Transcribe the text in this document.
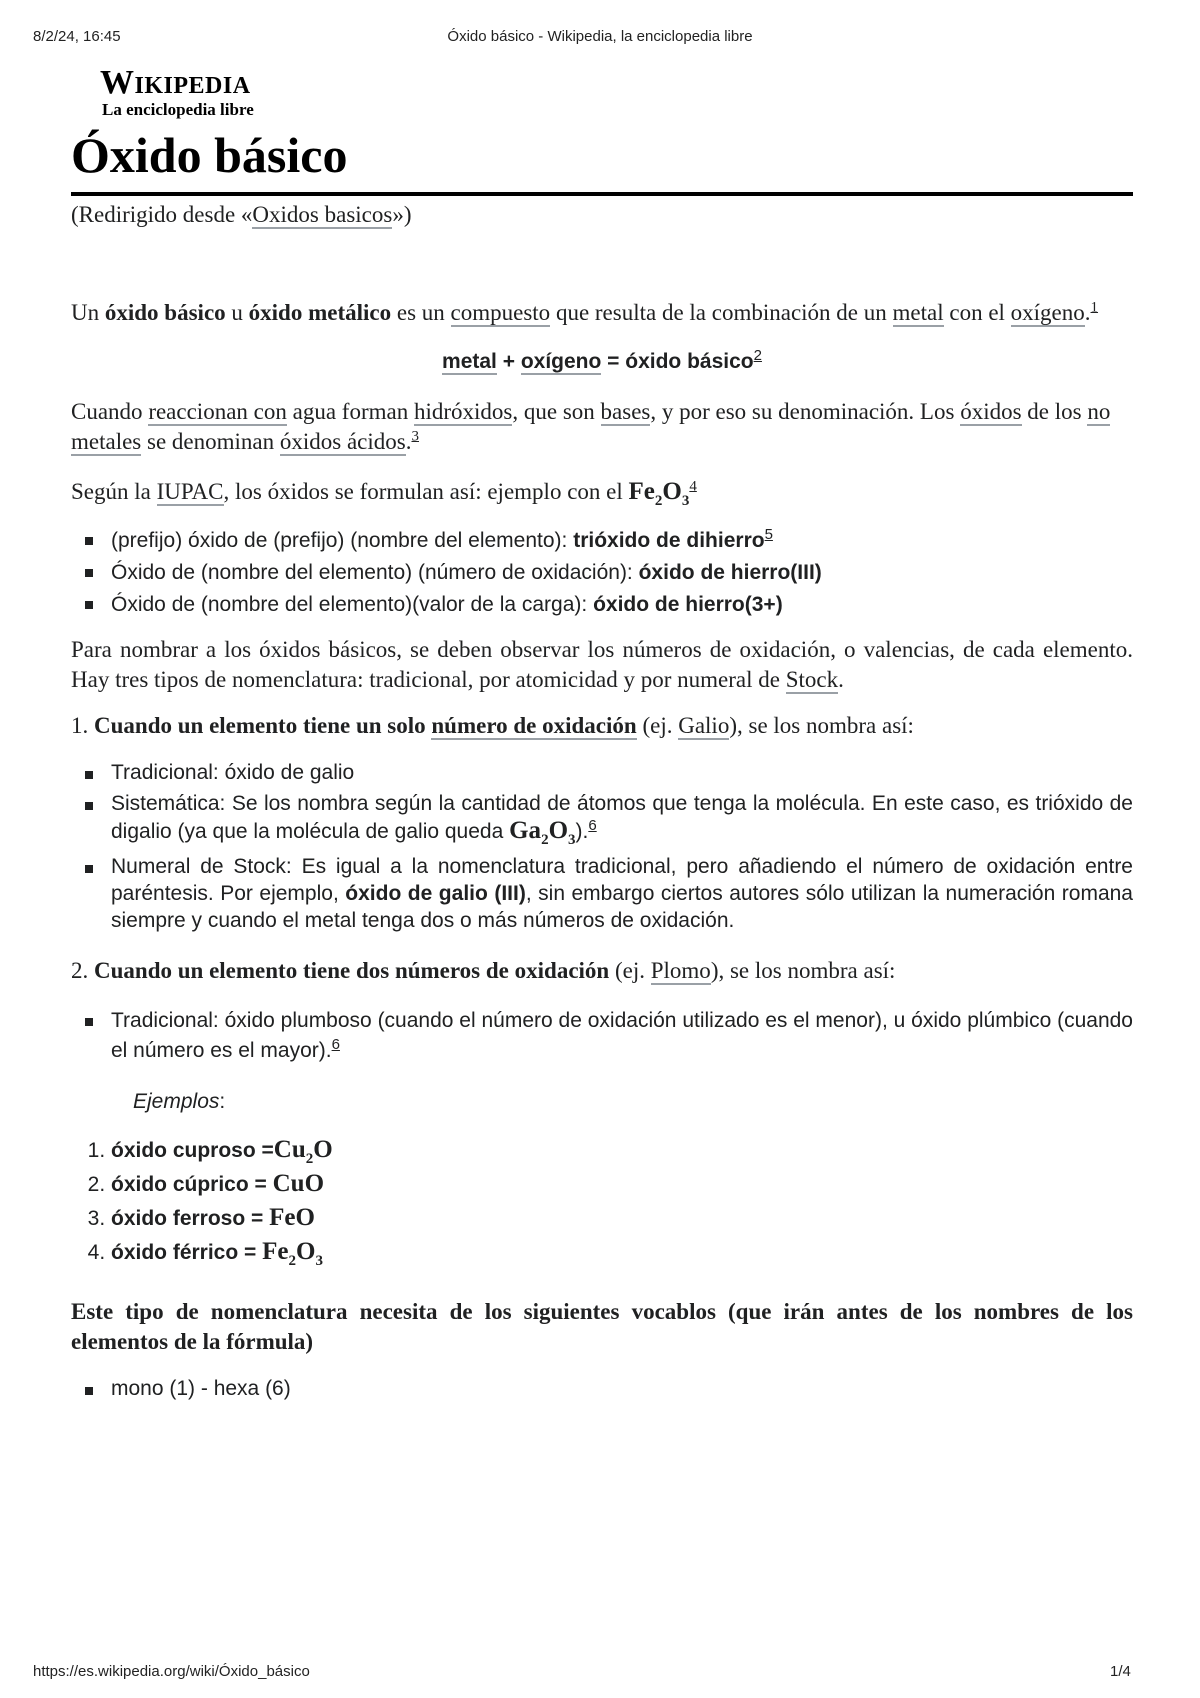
8/2/24, 16:45	Óxido básico - Wikipedia, la enciclopedia libre
Wikipedia
La enciclopedia libre
Óxido básico

(Redirigido desde «Oxidos basicos»)

Un óxido básico u óxido metálico es un compuesto que resulta de la combinación de un metal con el oxígeno.$^1$

metal + oxígeno = óxido básico$^2$

Cuando reaccionan con agua forman hidróxidos, que son bases, y por eso su denominación. Los óxidos de los no metales se denominan óxidos ácidos.$^3$

Según la IUPAC, los óxidos se formulan así: ejemplo con el $Fe_2O_3^4$

(prefijo) óxido de (prefijo) (nombre del elemento): trióxido de dihierro$^5$
Óxido de (nombre del elemento) (número de oxidación): óxido de hierro(III)
Óxido de (nombre del elemento)(valor de la carga): óxido de hierro(3+)

Para nombrar a los óxidos básicos, se deben observar los números de oxidación, o valencias, de cada elemento. Hay tres tipos de nomenclatura: tradicional, por atomicidad y por numeral de Stock.

1. Cuando un elemento tiene un solo número de oxidación (ej. Galio), se los nombra así:

Tradicional: óxido de galio
Sistemática: Se los nombra según la cantidad de átomos que tenga la molécula. En este caso, es trióxido de digalio (ya que la molécula de galio queda $Ga_2O_3).^6$
Numeral de Stock: Es igual a la nomenclatura tradicional, pero añadiendo el número de oxidación entre paréntesis. Por ejemplo, óxido de galio (III), sin embargo ciertos autores sólo utilizan la numeración romana siempre y cuando el metal tenga dos o más números de oxidación.

2. Cuando un elemento tiene dos números de oxidación (ej. Plomo), se los nombra así:

Tradicional: óxido plumboso (cuando el número de oxidación utilizado es el menor), u óxido plúmbico (cuando el número es el mayor).$^6$

Ejemplos:

1. óxido cuproso $=Cu_2O$
2. óxido cúprico = CuO
3. óxido ferroso = FeO
4. óxido férrico = $Fe_2O_3$

Este tipo de nomenclatura necesita de los siguientes vocablos (que irán antes de los nombres de los elementos de la fórmula)

mono (1) - hexa (6)
https://es.wikipedia.org/wiki/Óxido_básico	1/4
